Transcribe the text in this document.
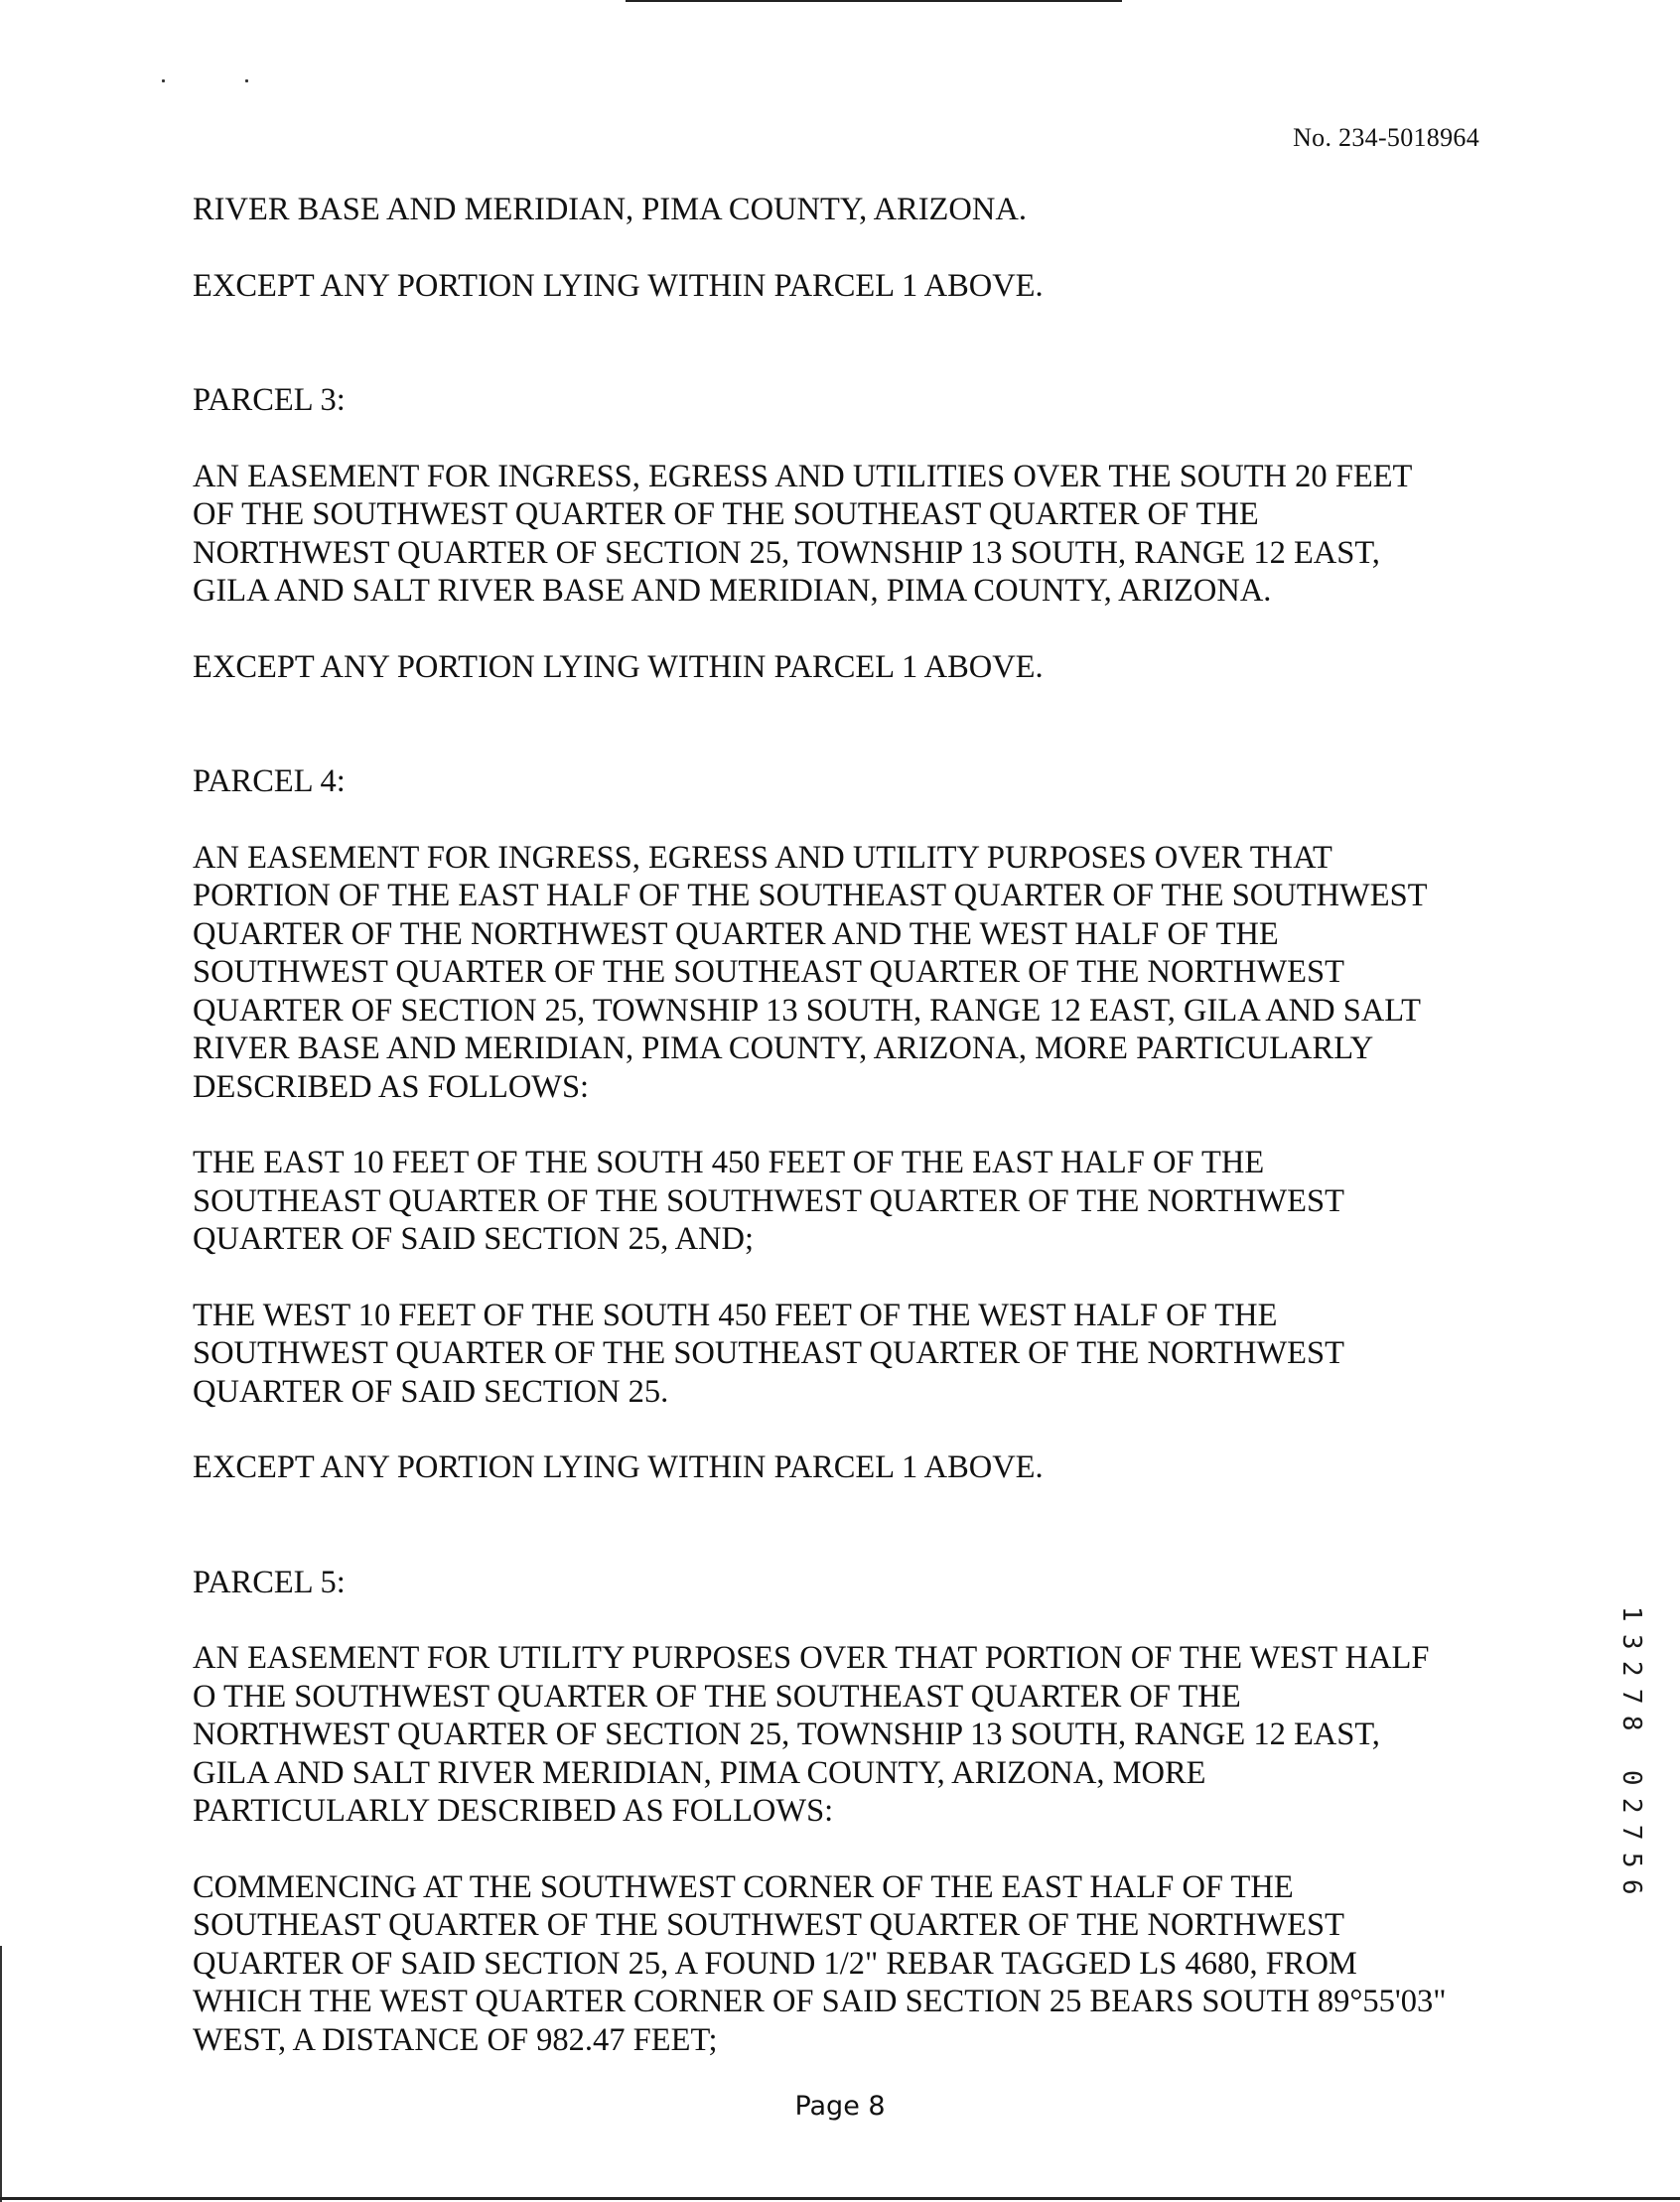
No. 234-5018964

RIVER BASE AND MERIDIAN, PIMA COUNTY, ARIZONA.

EXCEPT ANY PORTION LYING WITHIN PARCEL 1 ABOVE.

PARCEL 3:

AN EASEMENT FOR INGRESS, EGRESS AND UTILITIES OVER THE SOUTH 20 FEET
OF THE SOUTHWEST QUARTER OF THE SOUTHEAST QUARTER OF THE
NORTHWEST QUARTER OF SECTION 25, TOWNSHIP 13 SOUTH, RANGE 12 EAST,
GILA AND SALT RIVER BASE AND MERIDIAN, PIMA COUNTY, ARIZONA.

EXCEPT ANY PORTION LYING WITHIN PARCEL 1 ABOVE.

PARCEL 4:

AN EASEMENT FOR INGRESS, EGRESS AND UTILITY PURPOSES OVER THAT
PORTION OF THE EAST HALF OF THE SOUTHEAST QUARTER OF THE SOUTHWEST
QUARTER OF THE NORTHWEST QUARTER AND THE WEST HALF OF THE
SOUTHWEST QUARTER OF THE SOUTHEAST QUARTER OF THE NORTHWEST
QUARTER OF SECTION 25, TOWNSHIP 13 SOUTH, RANGE 12 EAST, GILA AND SALT
RIVER BASE AND MERIDIAN, PIMA COUNTY, ARIZONA, MORE PARTICULARLY
DESCRIBED AS FOLLOWS:

THE EAST 10 FEET OF THE SOUTH 450 FEET OF THE EAST HALF OF THE
SOUTHEAST QUARTER OF THE SOUTHWEST QUARTER OF THE NORTHWEST
QUARTER OF SAID SECTION 25, AND;

THE WEST 10 FEET OF THE SOUTH 450 FEET OF THE WEST HALF OF THE
SOUTHWEST QUARTER OF THE SOUTHEAST QUARTER OF THE NORTHWEST
QUARTER OF SAID SECTION 25.

EXCEPT ANY PORTION LYING WITHIN PARCEL 1 ABOVE.

PARCEL 5:

AN EASEMENT FOR UTILITY PURPOSES OVER THAT PORTION OF THE WEST HALF
O THE SOUTHWEST QUARTER OF THE SOUTHEAST QUARTER OF THE
NORTHWEST QUARTER OF SECTION 25, TOWNSHIP 13 SOUTH, RANGE 12 EAST,
GILA AND SALT RIVER MERIDIAN, PIMA COUNTY, ARIZONA, MORE
PARTICULARLY DESCRIBED AS FOLLOWS:

COMMENCING AT THE SOUTHWEST CORNER OF THE EAST HALF OF THE
SOUTHEAST QUARTER OF THE SOUTHWEST QUARTER OF THE NORTHWEST
QUARTER OF SAID SECTION 25, A FOUND 1/2" REBAR TAGGED LS 4680, FROM
WHICH THE WEST QUARTER CORNER OF SAID SECTION 25 BEARS SOUTH 89°55'03"
WEST, A DISTANCE OF 982.47 FEET;

1
3
2
7
8

0
2
7
5
6
Page 8
